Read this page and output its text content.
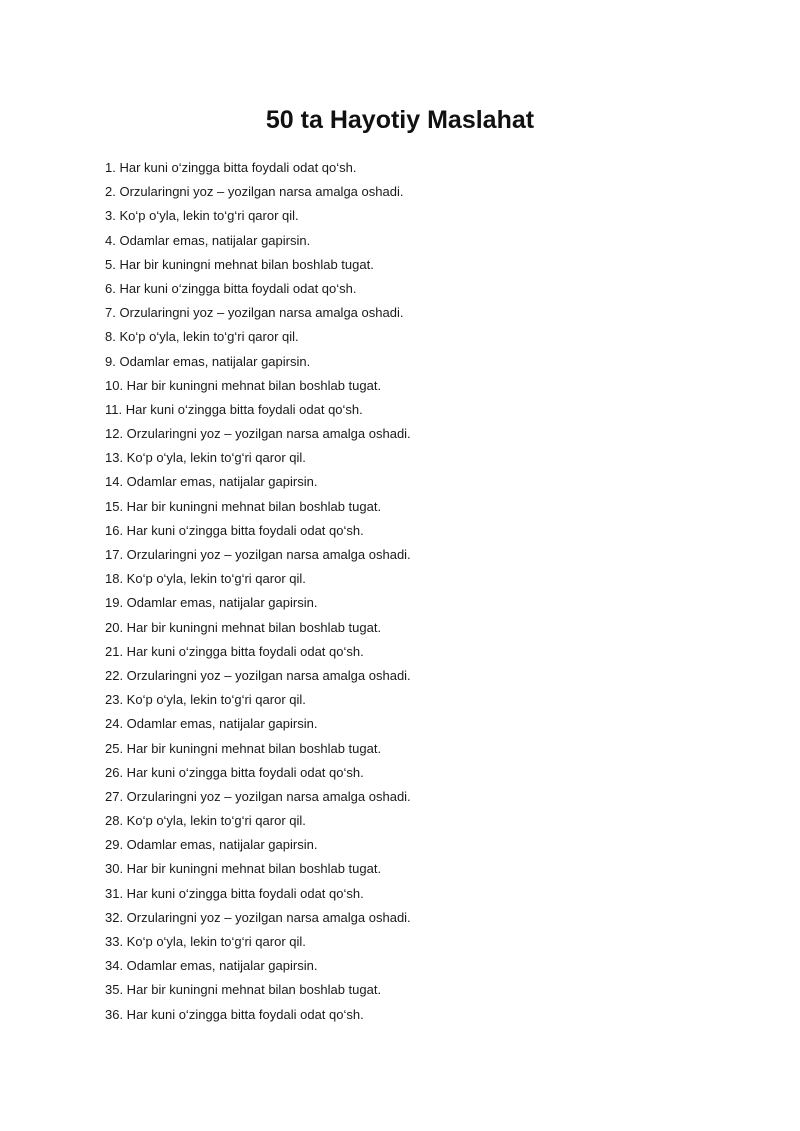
50 ta Hayotiy Maslahat
1. Har kuni o‘zingga bitta foydali odat qo‘sh.
2. Orzularingni yoz – yozilgan narsa amalga oshadi.
3. Ko‘p o‘yla, lekin to‘g‘ri qaror qil.
4. Odamlar emas, natijalar gapirsin.
5. Har bir kuningni mehnat bilan boshlab tugat.
6. Har kuni o‘zingga bitta foydali odat qo‘sh.
7. Orzularingni yoz – yozilgan narsa amalga oshadi.
8. Ko‘p o‘yla, lekin to‘g‘ri qaror qil.
9. Odamlar emas, natijalar gapirsin.
10. Har bir kuningni mehnat bilan boshlab tugat.
11. Har kuni o‘zingga bitta foydali odat qo‘sh.
12. Orzularingni yoz – yozilgan narsa amalga oshadi.
13. Ko‘p o‘yla, lekin to‘g‘ri qaror qil.
14. Odamlar emas, natijalar gapirsin.
15. Har bir kuningni mehnat bilan boshlab tugat.
16. Har kuni o‘zingga bitta foydali odat qo‘sh.
17. Orzularingni yoz – yozilgan narsa amalga oshadi.
18. Ko‘p o‘yla, lekin to‘g‘ri qaror qil.
19. Odamlar emas, natijalar gapirsin.
20. Har bir kuningni mehnat bilan boshlab tugat.
21. Har kuni o‘zingga bitta foydali odat qo‘sh.
22. Orzularingni yoz – yozilgan narsa amalga oshadi.
23. Ko‘p o‘yla, lekin to‘g‘ri qaror qil.
24. Odamlar emas, natijalar gapirsin.
25. Har bir kuningni mehnat bilan boshlab tugat.
26. Har kuni o‘zingga bitta foydali odat qo‘sh.
27. Orzularingni yoz – yozilgan narsa amalga oshadi.
28. Ko‘p o‘yla, lekin to‘g‘ri qaror qil.
29. Odamlar emas, natijalar gapirsin.
30. Har bir kuningni mehnat bilan boshlab tugat.
31. Har kuni o‘zingga bitta foydali odat qo‘sh.
32. Orzularingni yoz – yozilgan narsa amalga oshadi.
33. Ko‘p o‘yla, lekin to‘g‘ri qaror qil.
34. Odamlar emas, natijalar gapirsin.
35. Har bir kuningni mehnat bilan boshlab tugat.
36. Har kuni o‘zingga bitta foydali odat qo‘sh.
